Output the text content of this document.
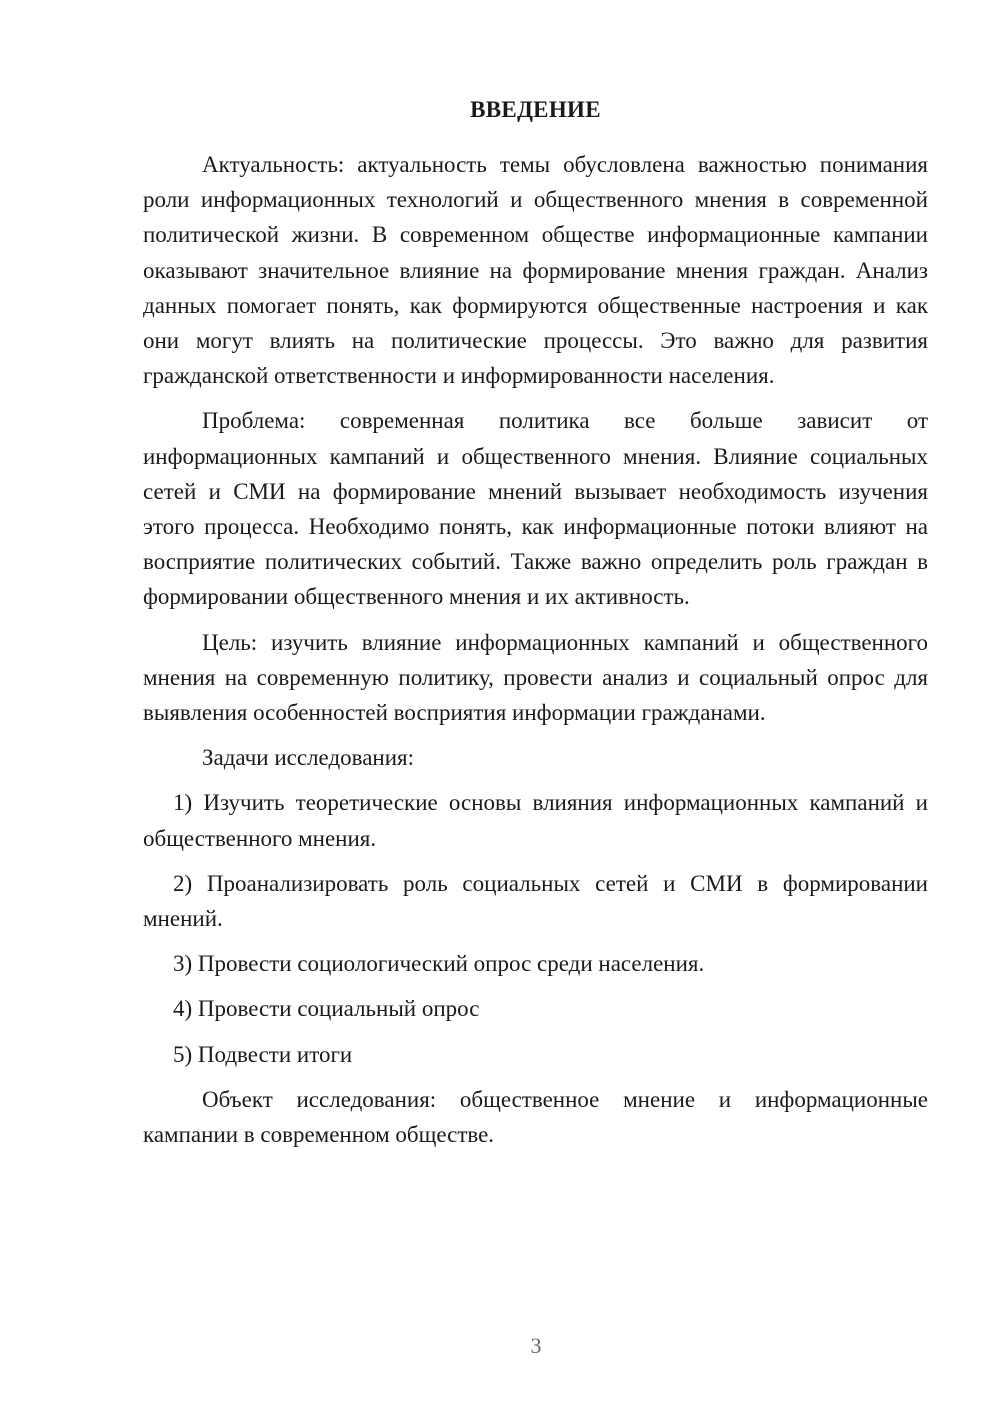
ВВЕДЕНИЕ

Актуальность: актуальность темы обусловлена важностью понимания роли информационных технологий и общественного мнения в современной политической жизни. В современном обществе информационные кампании оказывают значительное влияние на формирование мнения граждан. Анализ данных помогает понять, как формируются общественные настроения и как они могут влиять на политические процессы. Это важно для развития гражданской ответственности и информированности населения.

Проблема: современная политика все больше зависит от информационных кампаний и общественного мнения. Влияние социальных сетей и СМИ на формирование мнений вызывает необходимость изучения этого процесса. Необходимо понять, как информационные потоки влияют на восприятие политических событий. Также важно определить роль граждан в формировании общественного мнения и их активность.

Цель: изучить влияние информационных кампаний и общественного мнения на современную политику, провести анализ и социальный опрос для выявления особенностей восприятия информации гражданами.

Задачи исследования:

1) Изучить теоретические основы влияния информационных кампаний и общественного мнения.

2) Проанализировать роль социальных сетей и СМИ в формировании мнений.

3) Провести социологический опрос среди населения.

4) Провести социальный опрос

5) Подвести итоги

Объект исследования: общественное мнение и информационные кампании в современном обществе.

3
